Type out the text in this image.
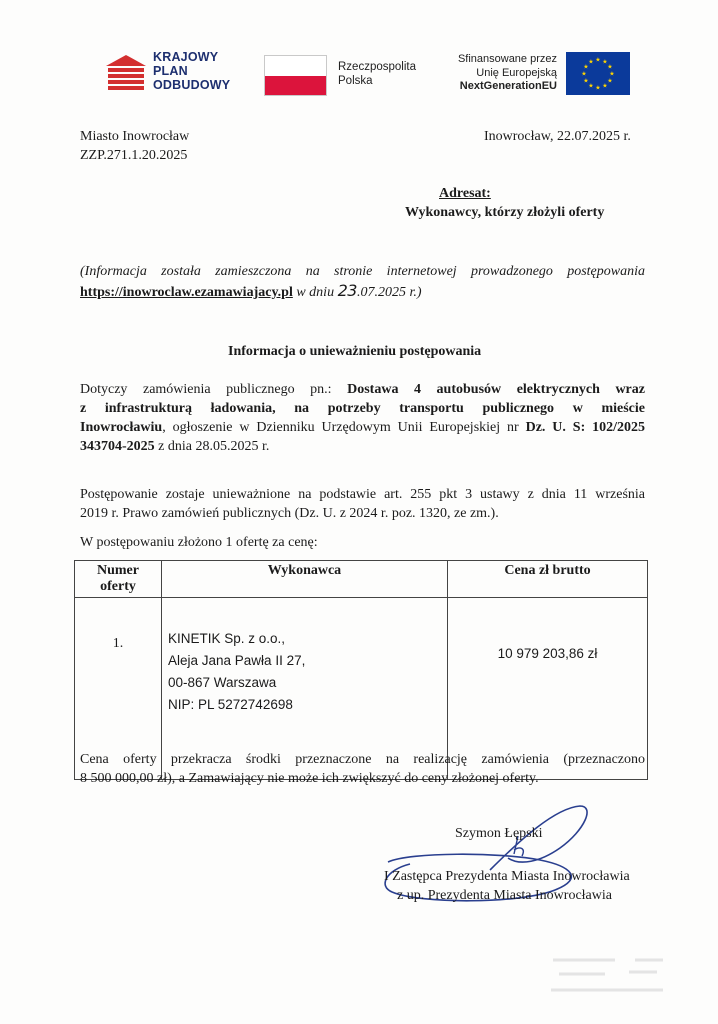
KRAJOWY
PLAN
ODBUDOWY
Rzeczpospolita
Polska
Sfinansowane przez
Unię Europejską
NextGenerationEU
★ ★
★
★
★
★
★
★
★
★
★
★
Miasto Inowrocław
ZZP.271.1.20.2025
Inowrocław, 22.07.2025 r.
Adresat:
Wykonawcy, którzy złożyli oferty
(Informacja została zamieszczona na stronie internetowej prowadzonego postępowania
https://inowroclaw.ezamawiajacy.pl w dniu 23.07.2025 r.)
Informacja o unieważnieniu postępowania
Dotyczy zamówienia publicznego pn.: Dostawa 4 autobusów elektrycznych wraz
z infrastrukturą ładowania, na potrzeby transportu publicznego w mieście
Inowrocławiu, ogłoszenie w Dzienniku Urzędowym Unii Europejskiej nr Dz. U. S: 102/2025
343704-2025 z dnia 28.05.2025 r.
Postępowanie zostaje unieważnione na podstawie art. 255 pkt 3 ustawy z dnia 11 września
2019 r. Prawo zamówień publicznych (Dz. U. z 2024 r. poz. 1320, ze zm.).
W postępowaniu złożono 1 ofertę za cenę:
Numer oferty	Wykonawca	Cena zł brutto
1.	KINETIK Sp. z o.o.,
Aleja Jana Pawła II 27,
00-867 Warszawa
NIP: PL 5272742698	10 979 203,86 zł
Cena oferty przekracza środki przeznaczone na realizację zamówienia (przeznaczono
8 500 000,00 zł), a Zamawiający nie może ich zwiększyć do ceny złożonej oferty.
Szymon Łępski
I Zastępca Prezydenta Miasta Inowrocławia
z up. Prezydenta Miasta Inowrocławia
